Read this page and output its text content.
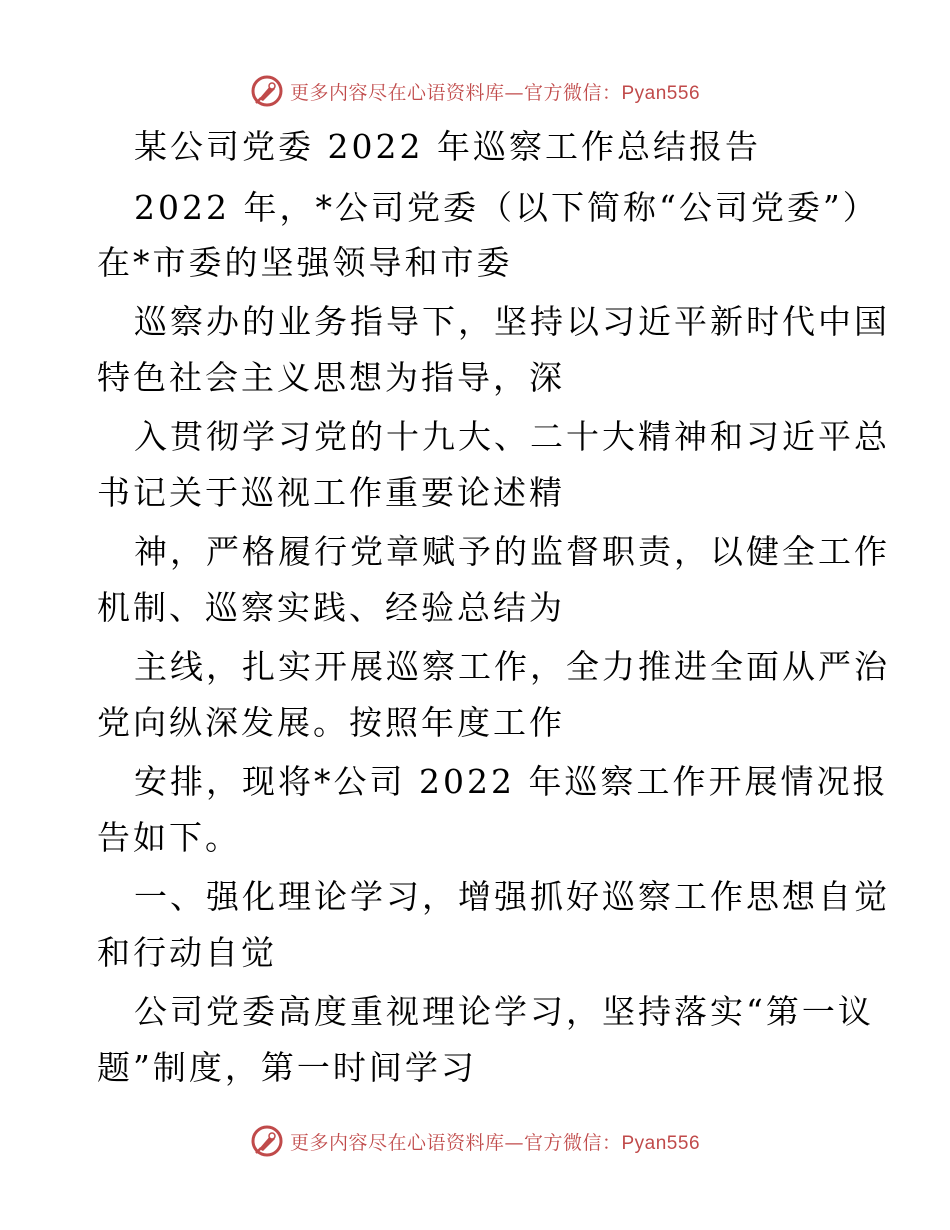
更多内容尽在心语资料库—官方微信：Pyan556
某公司党委 2022 年巡察工作总结报告
2022 年，*公司党委（以下简称“公司党委”）
在*市委的坚强领导和市委
巡察办的业务指导下，坚持以习近平新时代中国
特色社会主义思想为指导，深
入贯彻学习党的十九大、二十大精神和习近平总
书记关于巡视工作重要论述精
神，严格履行党章赋予的监督职责，以健全工作
机制、巡察实践、经验总结为
主线，扎实开展巡察工作，全力推进全面从严治
党向纵深发展。按照年度工作
安排，现将*公司 2022 年巡察工作开展情况报
告如下。
一、强化理论学习，增强抓好巡察工作思想自觉
和行动自觉
公司党委高度重视理论学习，坚持落实“第一议
题”制度，第一时间学习
更多内容尽在心语资料库—官方微信：Pyan556
